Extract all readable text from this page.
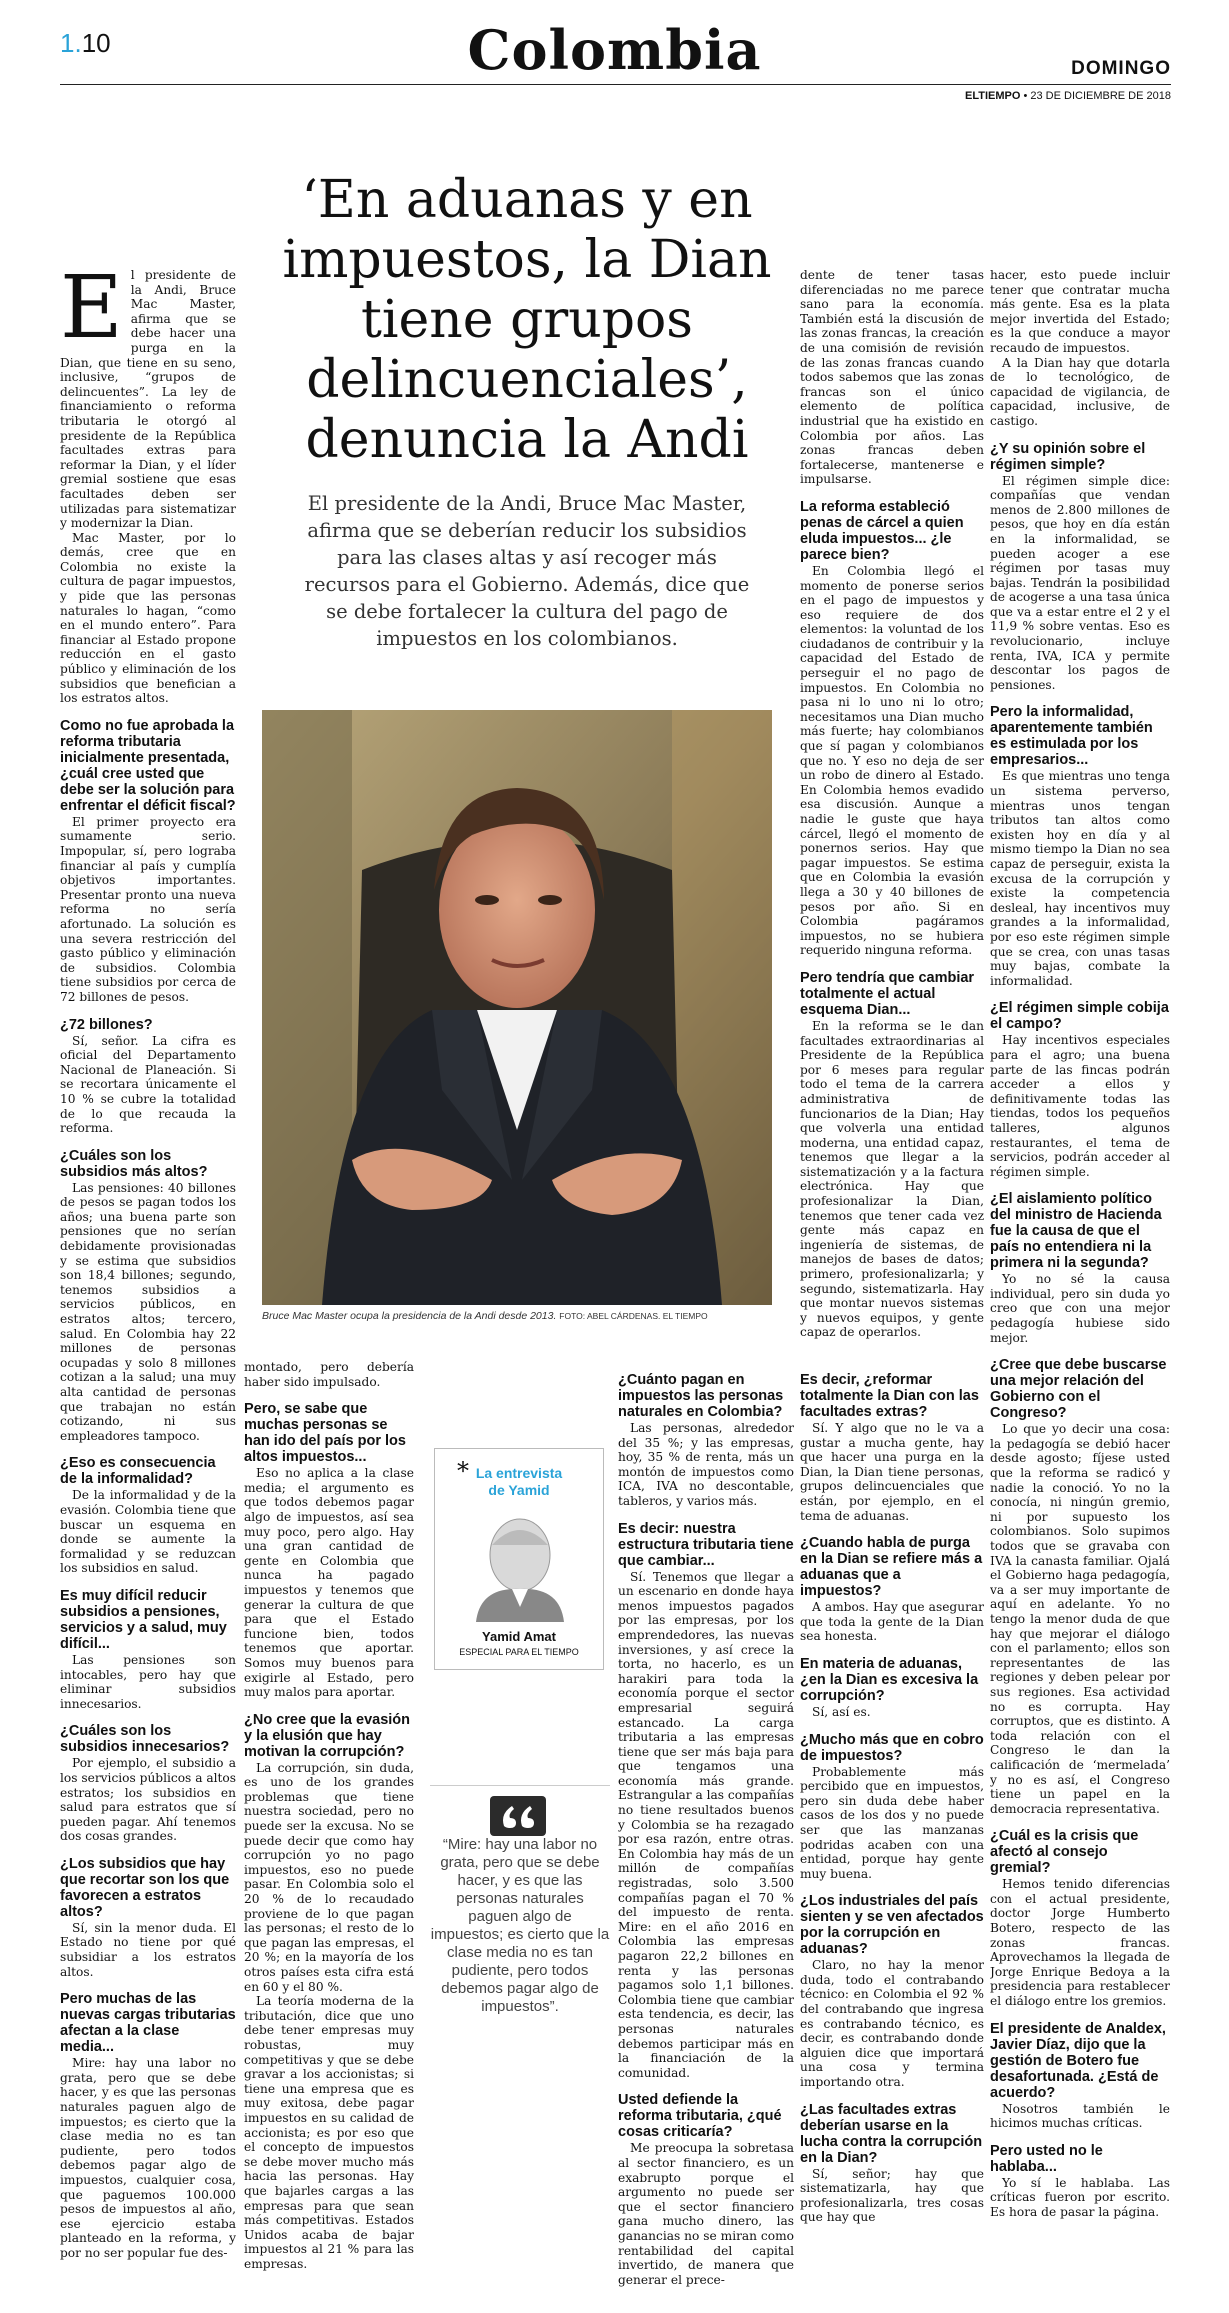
1.10	Colombia	DOMINGO
ELTIEMPO • 23 DE DICIEMBRE DE 2018
‘En aduanas y en impuestos, la Dian tiene grupos delincuenciales’, denuncia la Andi
El presidente de la Andi, Bruce Mac Master, afirma que se deberían reducir los subsidios para las clases altas y así recoger más recursos para el Gobierno. Además, dice que se debe fortalecer la cultura del pago de impuestos en los colombianos.
Bruce Mac Master ocupa la presidencia de la Andi desde 2013. FOTO: ABEL CÁRDENAS. EL TIEMPO
E l presidente de la Andi, Bruce Mac Master, afirma que se debe hacer una purga en la Dian, que tiene en su seno, inclusive, “grupos de delincuentes”. La ley de financiamiento o reforma tributaria le otorgó al presidente de la República facultades extras para reformar la Dian, y el líder gremial sostiene que esas facultades deben ser utilizadas para sistematizar y modernizar la Dian.

Mac Master, por lo demás, cree que en Colombia no existe la cultura de pagar impuestos, y pide que las personas naturales lo hagan, “como en el mundo entero”. Para financiar al Estado propone reducción en el gasto público y eliminación de los subsidios que benefician a los estratos altos.

Como no fue aprobada la reforma tributaria inicialmente presentada, ¿cuál cree usted que debe ser la solución para enfrentar el déficit fiscal?

El primer proyecto era sumamente serio. Impopular, sí, pero lograba financiar al país y cumplía objetivos importantes. Presentar pronto una nueva reforma no sería afortunado. La solución es una severa restricción del gasto público y eliminación de subsidios. Colombia tiene subsidios por cerca de 72 billones de pesos.

¿72 billones?

Sí, señor. La cifra es oficial del Departamento Nacional de Planeación. Si se recortara únicamente el 10 % se cubre la totalidad de lo que recauda la reforma.

¿Cuáles son los subsidios más altos?

Las pensiones: 40 billones de pesos se pagan todos los años; una buena parte son pensiones que no serían debidamente provisionadas y se estima que subsidios son 18,4 billones; segundo, tenemos subsidios a servicios públicos, en estratos altos; tercero, salud. En Colombia hay 22 millones de personas ocupadas y solo 8 millones cotizan a la salud; una muy alta cantidad de personas que trabajan no están cotizando, ni sus empleadores tampoco.

¿Eso es consecuencia de la informalidad?

De la informalidad y de la evasión. Colombia tiene que buscar un esquema en donde se aumente la formalidad y se reduzcan los subsidios en salud.

Es muy difícil reducir subsidios a pensiones, servicios y a salud, muy difícil...

Las pensiones son intocables, pero hay que eliminar subsidios innecesarios.

¿Cuáles son los subsidios innecesarios?

Por ejemplo, el subsidio a los servicios públicos a altos estratos; los subsidios en salud para estratos que sí pueden pagar. Ahí tenemos dos cosas grandes.

¿Los subsidios que hay que recortar son los que favorecen a estratos altos?

Sí, sin la menor duda. El Estado no tiene por qué subsidiar a los estratos altos.

Pero muchas de las nuevas cargas tributarias afectan a la clase media...

Mire: hay una labor no grata, pero que se debe hacer, y es que las personas naturales paguen algo de impuestos; es cierto que la clase media no es tan pudiente, pero todos debemos pagar algo de impuestos, cualquier cosa, que paguemos 100.000 pesos de impuestos al año, ese ejercicio estaba planteado en la reforma, y por no ser popular fue des-

dente de tener tasas diferenciadas no me parece sano para la economía. También está la discusión de las zonas francas, la creación de una comisión de revisión de las zonas francas cuando todos sabemos que las zonas francas son el único elemento de política industrial que ha existido en Colombia por años. Las zonas francas deben fortalecerse, mantenerse e impulsarse.

La reforma estableció penas de cárcel a quien eluda impuestos... ¿le parece bien?

En Colombia llegó el momento de ponerse serios en el pago de impuestos y eso requiere de dos elementos: la voluntad de los ciudadanos de contribuir y la capacidad del Estado de perseguir el no pago de impuestos. En Colombia no pasa ni lo uno ni lo otro; necesitamos una Dian mucho más fuerte; hay colombianos que sí pagan y colombianos que no. Y eso no deja de ser un robo de dinero al Estado. En Colombia hemos evadido esa discusión. Aunque a nadie le guste que haya cárcel, llegó el momento de ponernos serios. Hay que pagar impuestos. Se estima que en Colombia la evasión llega a 30 y 40 billones de pesos por año. Si en Colombia pagáramos impuestos, no se hubiera requerido ninguna reforma.

Pero tendría que cambiar totalmente el actual esquema Dian...

En la reforma se le dan facultades extraordinarias al Presidente de la República por 6 meses para regular todo el tema de la carrera administrativa de funcionarios de la Dian; Hay que volverla una entidad moderna, una entidad capaz, tenemos que llegar a la sistematización y a la factura electrónica. Hay que profesionalizar la Dian, tenemos que tener cada vez gente más capaz en ingeniería de sistemas, de manejos de bases de datos; primero, profesionalizarla; y segundo, sistematizarla. Hay que montar nuevos sistemas y nuevos equipos, y gente capaz de operarlos.

hacer, esto puede incluir tener que contratar mucha más gente. Esa es la plata mejor invertida del Estado; es la que conduce a mayor recaudo de impuestos.

A la Dian hay que dotarla de lo tecnológico, de capacidad de vigilancia, de capacidad, inclusive, de castigo.

¿Y su opinión sobre el régimen simple?

El régimen simple dice: compañías que vendan menos de 2.800 millones de pesos, que hoy en día están en la informalidad, se pueden acoger a ese régimen por tasas muy bajas. Tendrán la posibilidad de acogerse a una tasa única que va a estar entre el 2 y el 11,9 % sobre ventas. Eso es revolucionario, incluye renta, IVA, ICA y permite descontar los pagos de pensiones.

Pero la informalidad, aparentemente también es estimulada por los empresarios...

Es que mientras uno tenga un sistema perverso, mientras unos tengan tributos tan altos como existen hoy en día y al mismo tiempo la Dian no sea capaz de perseguir, exista la excusa de la corrupción y existe la competencia desleal, hay incentivos muy grandes a la informalidad, por eso este régimen simple que se crea, con unas tasas muy bajas, combate la informalidad.

¿El régimen simple cobija el campo?

Hay incentivos especiales para el agro; una buena parte de las fincas podrán acceder a ellos y definitivamente todas las tiendas, todos los pequeños talleres, algunos restaurantes, el tema de servicios, podrán acceder al régimen simple.

¿El aislamiento político del ministro de Hacienda fue la causa de que el país no entendiera ni la primera ni la segunda?

Yo no sé la causa individual, pero sin duda yo creo que con una mejor pedagogía hubiese sido mejor.

¿Cree que debe buscarse una mejor relación del Gobierno con el Congreso?

Lo que yo decir una cosa: la pedagogía se debió hacer desde agosto; fíjese usted que la reforma se radicó y nadie la conoció. Yo no la conocía, ni ningún gremio, ni por supuesto los colombianos. Solo supimos todos que se gravaba con IVA la canasta familiar. Ojalá el Gobierno haga pedagogía, va a ser muy importante de aquí en adelante. Yo no tengo la menor duda de que hay que mejorar el diálogo con el parlamento; ellos son representantes de las regiones y deben pelear por sus regiones. Esa actividad no es corrupta. Hay corruptos, que es distinto. A toda relación con el Congreso le dan la calificación de ‘mermelada’ y no es así, el Congreso tiene un papel en la democracia representativa.

¿Cuál es la crisis que afectó al consejo gremial?

Hemos tenido diferencias con el actual presidente, doctor Jorge Humberto Botero, respecto de las zonas francas. Aprovechamos la llegada de Jorge Enrique Bedoya a la presidencia para restablecer el diálogo entre los gremios.

El presidente de Analdex, Javier Díaz, dijo que la gestión de Botero fue desafortunada. ¿Está de acuerdo?

Nosotros también le hicimos muchas críticas.

Pero usted no le hablaba...

Yo sí le hablaba. Las críticas fueron por escrito. Es hora de pasar la página.

montado, pero debería haber sido impulsado.

Pero, se sabe que muchas personas se han ido del país por los altos impuestos...

Eso no aplica a la clase media; el argumento es que todos debemos pagar algo de impuestos, así sea muy poco, pero algo. Hay una gran cantidad de gente en Colombia que nunca ha pagado impuestos y tenemos que generar la cultura de que para que el Estado funcione bien, todos tenemos que aportar. Somos muy buenos para exigirle al Estado, pero muy malos para aportar.

¿No cree que la evasión y la elusión que hay motivan la corrupción?

La corrupción, sin duda, es uno de los grandes problemas que tiene nuestra sociedad, pero no puede ser la excusa. No se puede decir que como hay corrupción yo no pago impuestos, eso no puede pasar. En Colombia solo el 20 % de lo recaudado proviene de lo que pagan las personas; el resto de lo que pagan las empresas, el 20 %; en la mayoría de los otros países esta cifra está en 60 y el 80 %.

La teoría moderna de la tributación, dice que uno debe tener empresas muy robustas, muy competitivas y que se debe gravar a los accionistas; si tiene una empresa que es muy exitosa, debe pagar impuestos en su calidad de accionista; es por eso que el concepto de impuestos se debe mover mucho más hacia las personas. Hay que bajarles cargas a las empresas para que sean más competitivas. Estados Unidos acaba de bajar impuestos al 21 % para las empresas.

¿Cuánto pagan en impuestos las personas naturales en Colombia?

Las personas, alrededor del 35 %; y las empresas, hoy, 35 % de renta, más un montón de impuestos como ICA, IVA no descontable, tableros, y varios más.

Es decir: nuestra estructura tributaria tiene que cambiar...

Sí. Tenemos que llegar a un escenario en donde haya menos impuestos pagados por las empresas, por los emprendedores, las nuevas inversiones, y así crece la torta, no hacerlo, es un harakiri para toda la economía porque el sector empresarial seguirá estancado. La carga tributaria a las empresas tiene que ser más baja para que tengamos una economía más grande. Estrangular a las compañías no tiene resultados buenos y Colombia se ha rezagado por esa razón, entre otras. En Colombia hay más de un millón de compañías registradas, solo 3.500 compañías pagan el 70 % del impuesto de renta. Mire: en el año 2016 en Colombia las empresas pagaron 22,2 billones en renta y las personas pagamos solo 1,1 billones. Colombia tiene que cambiar esta tendencia, es decir, las personas naturales debemos participar más en la financiación de la comunidad.

Usted defiende la reforma tributaria, ¿qué cosas criticaría?

Me preocupa la sobretasa al sector financiero, es un exabrupto porque el argumento no puede ser que el sector financiero gana mucho dinero, las ganancias no se miran como rentabilidad del capital invertido, de manera que generar el prece-

Es decir, ¿reformar totalmente la Dian con las facultades extras?

Sí. Y algo que no le va a gustar a mucha gente, hay que hacer una purga en la Dian, la Dian tiene personas, grupos delincuenciales que están, por ejemplo, en el tema de aduanas.

¿Cuando habla de purga en la Dian se refiere más a aduanas que a impuestos?

A ambos. Hay que asegurar que toda la gente de la Dian sea honesta.

En materia de aduanas, ¿en la Dian es excesiva la corrupción?

Sí, así es.

¿Mucho más que en cobro de impuestos?

Probablemente más percibido que en impuestos, pero sin duda debe haber casos de los dos y no puede ser que las manzanas podridas acaben con una entidad, porque hay gente muy buena.

¿Los industriales del país sienten y se ven afectados por la corrupción en aduanas?

Claro, no hay la menor duda, todo el contrabando técnico: en Colombia el 92 % del contrabando que ingresa es contrabando técnico, es decir, es contrabando donde alguien dice que importará una cosa y termina importando otra.

¿Las facultades extras deberían usarse en la lucha contra la corrupción en la Dian?

Sí, señor; hay que sistematizarla, hay que profesionalizarla, tres cosas que hay que

* La entrevista
de Yamid
Yamid Amat
ESPECIAL PARA EL TIEMPO
“Mire: hay una labor no grata, pero que se debe hacer, y es que las personas naturales paguen algo de impuestos; es cierto que la clase media no es tan pudiente, pero todos debemos pagar algo de impuestos”.
